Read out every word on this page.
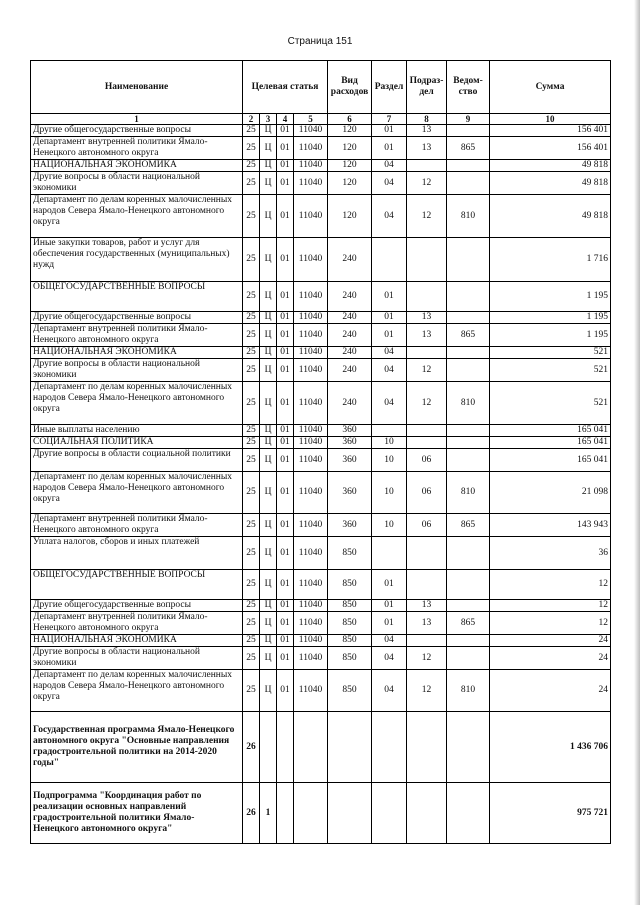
Страница 151
Наименование	Целевая статья				Вид расходов	Раздел	Подраз- дел	Ведом- ство	Сумма
1	2	3	4	5	6	7	8	9	10
Другие общегосударственные вопросы	25	Ц	01	11040	120	01	13		156 401
Департамент внутренней политики Ямало-Ненецкого автономного округа	25	Ц	01	11040	120	01	13	865	156 401
НАЦИОНАЛЬНАЯ ЭКОНОМИКА	25	Ц	01	11040	120	04			49 818
Другие вопросы в области национальной экономики	25	Ц	01	11040	120	04	12		49 818
Департамент по делам коренных малочисленных народов Севера Ямало-Ненецкого автономного округа	25	Ц	01	11040	120	04	12	810	49 818
Иные закупки товаров, работ и услуг для обеспечения государственных (муниципальных) нужд	25	Ц	01	11040	240				1 716
ОБЩЕГОСУДАРСТВЕННЫЕ ВОПРОСЫ	25	Ц	01	11040	240	01			1 195
Другие общегосударственные вопросы	25	Ц	01	11040	240	01	13		1 195
Департамент внутренней политики Ямало-Ненецкого автономного округа	25	Ц	01	11040	240	01	13	865	1 195
НАЦИОНАЛЬНАЯ ЭКОНОМИКА	25	Ц	01	11040	240	04			521
Другие вопросы в области национальной экономики	25	Ц	01	11040	240	04	12		521
Департамент по делам коренных малочисленных народов Севера Ямало-Ненецкого автономного округа	25	Ц	01	11040	240	04	12	810	521
Иные выплаты населению	25	Ц	01	11040	360				165 041
СОЦИАЛЬНАЯ ПОЛИТИКА	25	Ц	01	11040	360	10			165 041
Другие вопросы в области социальной политики	25	Ц	01	11040	360	10	06		165 041
Департамент по делам коренных малочисленных народов Севера Ямало-Ненецкого автономного округа	25	Ц	01	11040	360	10	06	810	21 098
Департамент внутренней политики Ямало-Ненецкого автономного округа	25	Ц	01	11040	360	10	06	865	143 943
Уплата налогов, сборов и иных платежей	25	Ц	01	11040	850				36
ОБЩЕГОСУДАРСТВЕННЫЕ ВОПРОСЫ	25	Ц	01	11040	850	01			12
Другие общегосударственные вопросы	25	Ц	01	11040	850	01	13		12
Департамент внутренней политики Ямало-Ненецкого автономного округа	25	Ц	01	11040	850	01	13	865	12
НАЦИОНАЛЬНАЯ ЭКОНОМИКА	25	Ц	01	11040	850	04			24
Другие вопросы в области национальной экономики	25	Ц	01	11040	850	04	12		24
Департамент по делам коренных малочисленных народов Севера Ямало-Ненецкого автономного округа	25	Ц	01	11040	850	04	12	810	24
Государственная программа Ямало-Ненецкого автономного округа "Основные направления градостроительной политики на 2014-2020 годы"	26								1 436 706
Подпрограмма "Координация работ по реализации основных направлений градостроительной политики Ямало-Ненецкого автономного округа"	26	1							975 721
